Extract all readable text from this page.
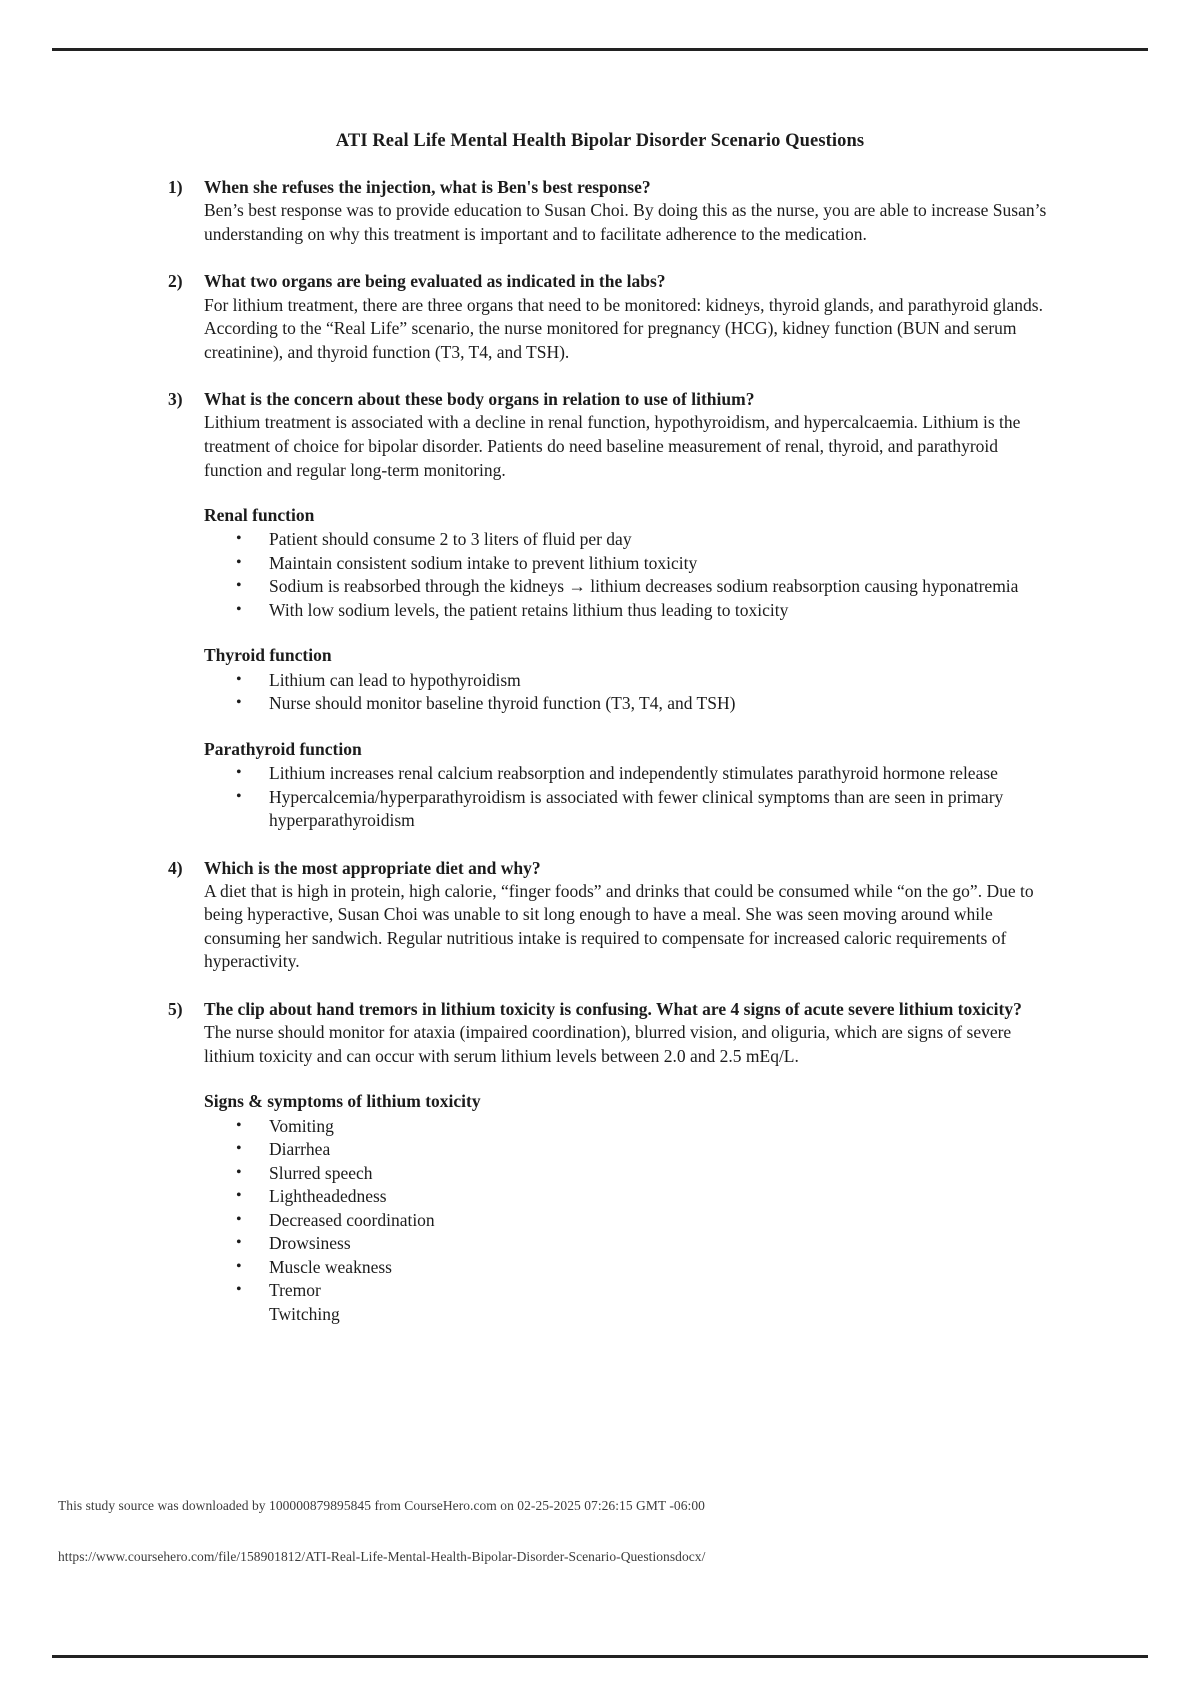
ATI Real Life Mental Health Bipolar Disorder Scenario Questions
1) When she refuses the injection, what is Ben's best response?

Ben’s best response was to provide education to Susan Choi. By doing this as the nurse, you are able to increase Susan’s understanding on why this treatment is important and to facilitate adherence to the medication.

2) What two organs are being evaluated as indicated in the labs?

For lithium treatment, there are three organs that need to be monitored: kidneys, thyroid glands, and parathyroid glands. According to the “Real Life” scenario, the nurse monitored for pregnancy (HCG), kidney function (BUN and serum creatinine), and thyroid function (T3, T4, and TSH).

3) What is the concern about these body organs in relation to use of lithium?

Lithium treatment is associated with a decline in renal function, hypothyroidism, and hypercalcaemia. Lithium is the treatment of choice for bipolar disorder. Patients do need baseline measurement of renal, thyroid, and parathyroid function and regular long-term monitoring.

Renal function

• Patient should consume 2 to 3 liters of fluid per day
• Maintain consistent sodium intake to prevent lithium toxicity
• Sodium is reabsorbed through the kidneys → lithium decreases sodium reabsorption causing hyponatremia
• With low sodium levels, the patient retains lithium thus leading to toxicity

Thyroid function

• Lithium can lead to hypothyroidism
• Nurse should monitor baseline thyroid function (T3, T4, and TSH)

Parathyroid function

• Lithium increases renal calcium reabsorption and independently stimulates parathyroid hormone release
• Hypercalcemia/hyperparathyroidism is associated with fewer clinical symptoms than are seen in primary hyperparathyroidism
4) Which is the most appropriate diet and why?

A diet that is high in protein, high calorie, “finger foods” and drinks that could be consumed while “on the go”. Due to being hyperactive, Susan Choi was unable to sit long enough to have a meal. She was seen moving around while consuming her sandwich. Regular nutritious intake is required to compensate for increased caloric requirements of hyperactivity.

5) The clip about hand tremors in lithium toxicity is confusing. What are 4 signs of acute severe lithium toxicity?

The nurse should monitor for ataxia (impaired coordination), blurred vision, and oliguria, which are signs of severe lithium toxicity and can occur with serum lithium levels between 2.0 and 2.5 mEq/L.

Signs & symptoms of lithium toxicity

• Vomiting
• Diarrhea
• Slurred speech
• Lightheadedness
• Decreased coordination
• Drowsiness
• Muscle weakness
• Tremor
Twitching
This study source was downloaded by 100000879895845 from CourseHero.com on 02-25-2025 07:26:15 GMT -06:00
https://www.coursehero.com/file/158901812/ATI-Real-Life-Mental-Health-Bipolar-Disorder-Scenario-Questionsdocx/
